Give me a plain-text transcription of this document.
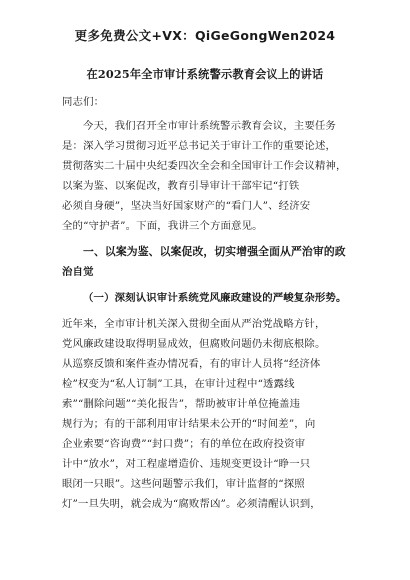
更多免费公文+VX：QiGeGongWen2024
在2025年全市审计系统警示教育会议上的讲话
同志们：
今天，我们召开全市审计系统警示教育会议，主要任务
是：深入学习贯彻习近平总书记关于审计工作的重要论述，
贯彻落实二十届中央纪委四次全会和全国审计工作会议精神，
以案为鉴、以案促改，教育引导审计干部牢记“打铁
必须自身硬”，坚决当好国家财产的“看门人”、经济安
全的“守护者”。下面，我讲三个方面意见。
一、以案为鉴、以案促改，切实增强全面从严治审的政
治自觉
（一）深刻认识审计系统党风廉政建设的严峻复杂形势。
近年来，全市审计机关深入贯彻全面从严治党战略方针，
党风廉政建设取得明显成效，但腐败问题仍未彻底根除。
从巡察反馈和案件查办情况看，有的审计人员将“经济体
检”权变为“私人订制”工具，在审计过程中“透露线
索”“删除问题”“美化报告”，帮助被审计单位掩盖违
规行为；有的干部利用审计结果未公开的“时间差”，向
企业索要“咨询费”“封口费”；有的单位在政府投资审
计中“放水”，对工程虚增造价、违规变更设计“睁一只
眼闭一只眼”。这些问题警示我们，审计监督的“探照
灯”一旦失明，就会成为“腐败帮凶”。必须清醒认识到，
